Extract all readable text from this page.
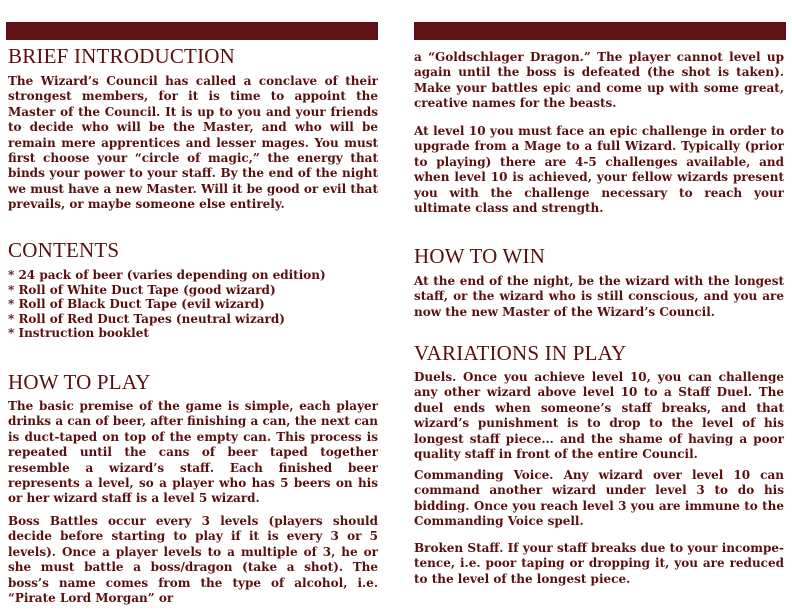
BRIEF INTRODUCTION

The Wizard’s Council has called a conclave of their strongest members, for it is time to appoint the Master of the Council. It is up to you and your friends to decide who will be the Master, and who will be remain mere apprentices and lesser mages. You must first choose your “circle of magic,” the energy that binds your power to your staff. By the end of the night we must have a new Master. Will it be good or evil that prevails, or maybe someone else entirely.

CONTENTS
* 24 pack of beer (varies depending on edition)
* Roll of White Duct Tape (good wizard)
* Roll of Black Duct Tape (evil wizard)
* Roll of Red Duct Tapes (neutral wizard)
* Instruction booklet
HOW TO PLAY

The basic premise of the game is simple, each player drinks a can of beer, after finishing a can, the next can is duct-taped on top of the empty can. This process is repeated until the cans of beer taped together resemble a wizard’s staff. Each finished beer represents a level, so a player who has 5 beers on his or her wizard staff is a level 5 wizard.

Boss Battles occur every 3 levels (players should decide before starting to play if it is every 3 or 5 levels). Once a player levels to a multiple of 3, he or she must battle a boss/dragon (take a shot). The boss’s name comes from the type of alcohol, i.e. “Pirate Lord Morgan” or

a “Goldschlager Dragon.” The player cannot level up again until the boss is defeated (the shot is taken). Make your battles epic and come up with some great, creative names for the beasts.

At level 10 you must face an epic challenge in order to upgrade from a Mage to a full Wizard. Typically (prior to playing) there are 4-5 challenges available, and when level 10 is achieved, your fellow wizards present you with the challenge necessary to reach your ultimate class and strength.

HOW TO WIN

At the end of the night, be the wizard with the longest staff, or the wizard who is still conscious, and you are now the new Master of the Wizard’s Council.

VARIATIONS IN PLAY

Duels. Once you achieve level 10, you can challenge any other wizard above level 10 to a Staff Duel. The duel ends when someone’s staff breaks, and that wizard’s punishment is to drop to the level of his longest staff piece... and the shame of having a poor quality staff in front of the entire Council.

Commanding Voice. Any wizard over level 10 can command another wizard under level 3 to do his bidding. Once you reach level 3 you are immune to the Commanding Voice spell.

Broken Staff. If your staff breaks due to your incompe-tence, i.e. poor taping or dropping it, you are reduced to the level of the longest piece.
